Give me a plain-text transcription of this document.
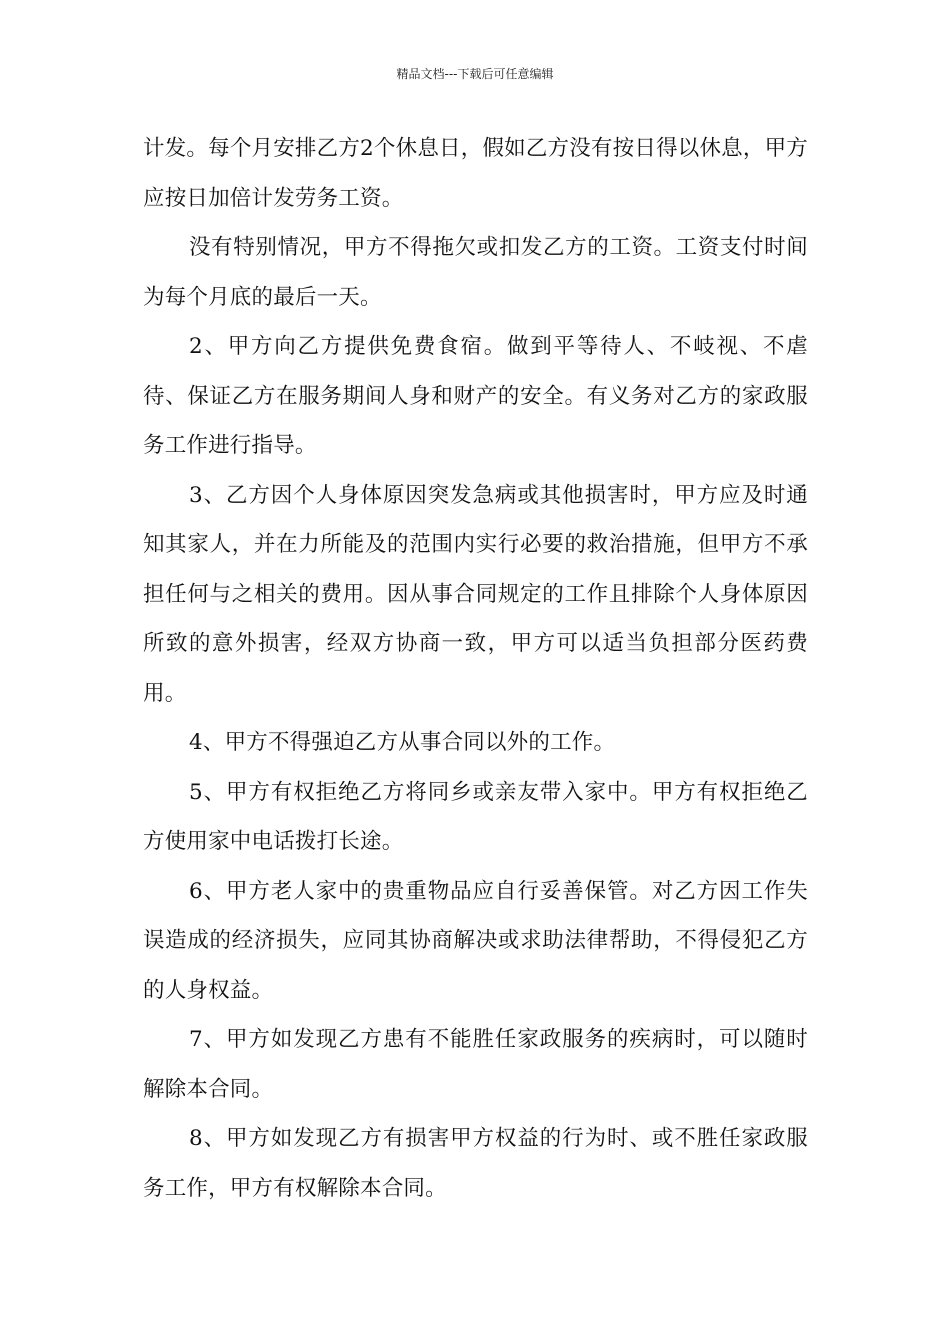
精品文档---下载后可任意编辑

计发。每个月安排乙方2个休息日，假如乙方没有按日得以休息，甲方应按日加倍计发劳务工资。

没有特别情况，甲方不得拖欠或扣发乙方的工资。工资支付时间为每个月底的最后一天。

2、甲方向乙方提供免费食宿。做到平等待人、不岐视、不虐待、保证乙方在服务期间人身和财产的安全。有义务对乙方的家政服务工作进行指导。

3、乙方因个人身体原因突发急病或其他损害时，甲方应及时通知其家人，并在力所能及的范围内实行必要的救治措施，但甲方不承担任何与之相关的费用。因从事合同规定的工作且排除个人身体原因所致的意外损害，经双方协商一致，甲方可以适当负担部分医药费用。

4、甲方不得强迫乙方从事合同以外的工作。

5、甲方有权拒绝乙方将同乡或亲友带入家中。甲方有权拒绝乙方使用家中电话拨打长途。

6、甲方老人家中的贵重物品应自行妥善保管。对乙方因工作失误造成的经济损失，应同其协商解决或求助法律帮助，不得侵犯乙方的人身权益。

7、甲方如发现乙方患有不能胜任家政服务的疾病时，可以随时解除本合同。

8、甲方如发现乙方有损害甲方权益的行为时、或不胜任家政服务工作，甲方有权解除本合同。
